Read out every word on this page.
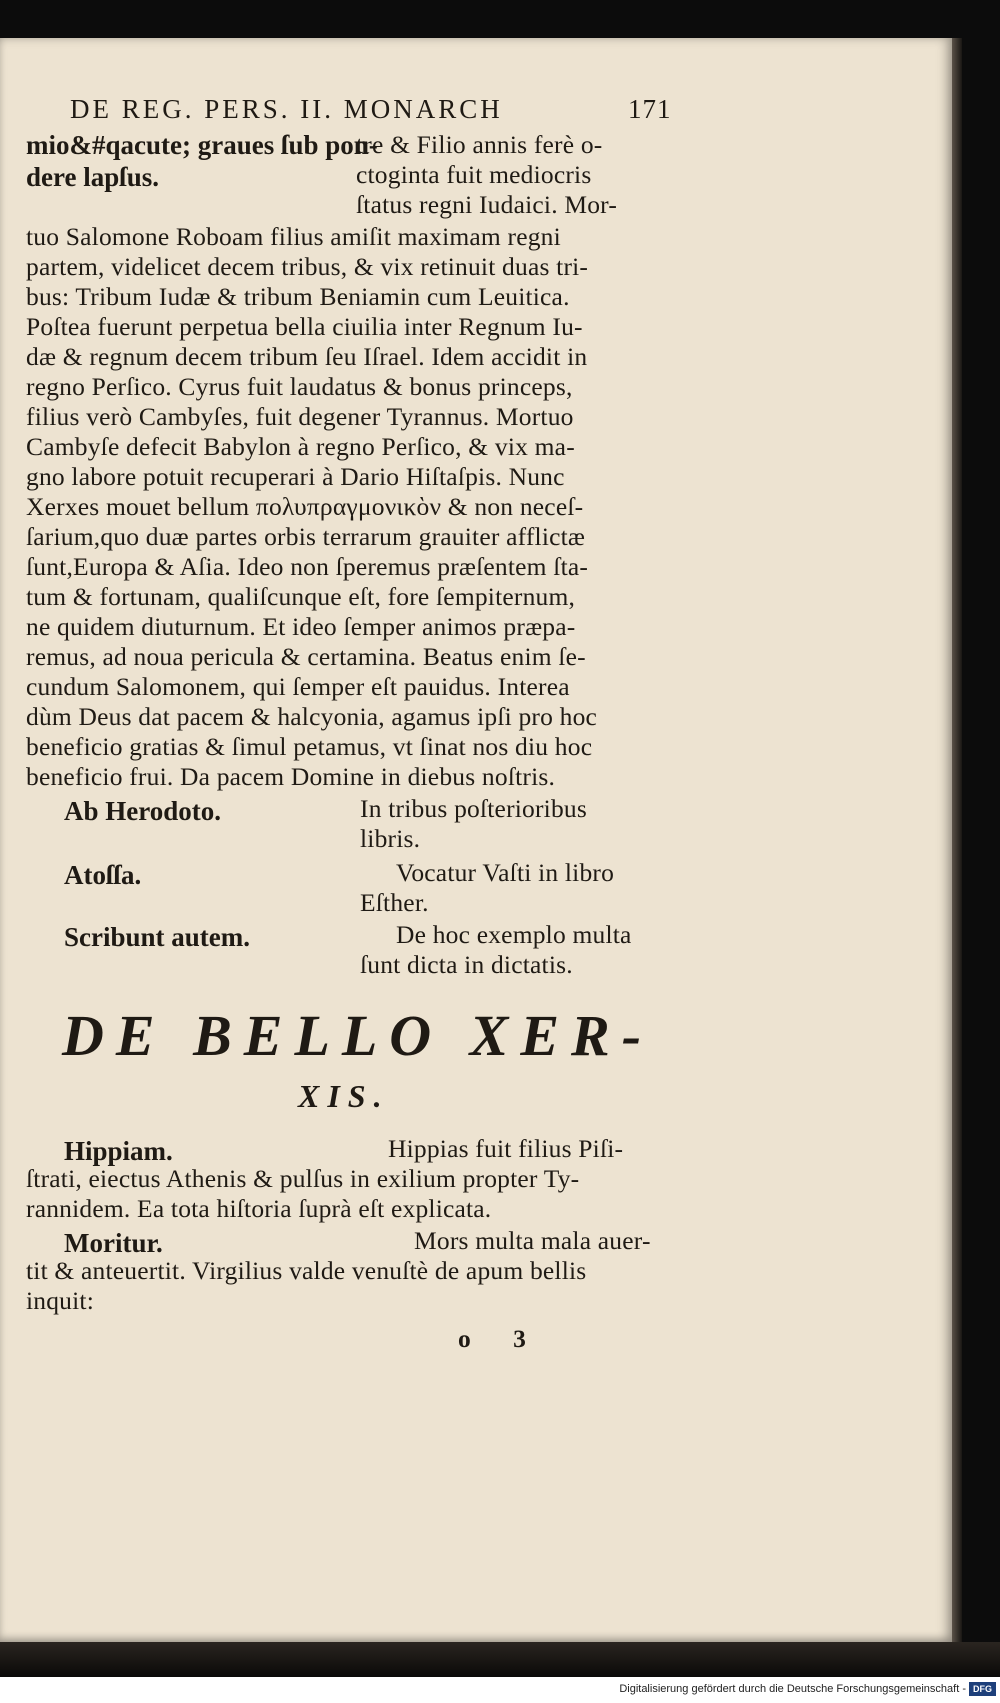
DE REG. PERS. II. MONARCH	171
mio&#qacute; graues ſub pon-
dere lapſus.
tre & Filio annis ferè o-
ctoginta fuit mediocris
ſtatus regni Iudaici. Mor-
tuo Salomone Roboam filius amiſit maximam regni
partem, videlicet decem tribus, & vix retinuit duas tri-
bus: Tribum Iudæ & tribum Beniamin cum Leuitica.
Poſtea fuerunt perpetua bella ciuilia inter Regnum Iu-
dæ & regnum decem tribum ſeu Iſrael. Idem accidit in
regno Perſico. Cyrus fuit laudatus & bonus princeps,
filius verò Cambyſes, fuit degener Tyrannus. Mortuo
Cambyſe defecit Babylon à regno Perſico, & vix ma-
gno labore potuit recuperari à Dario Hiſtaſpis. Nunc
Xerxes mouet bellum πολυπραγμονικὸν & non neceſ-
ſarium,quo duæ partes orbis terrarum grauiter afflictæ
ſunt,Europa & Aſia. Ideo non ſperemus præſentem ſta-
tum & fortunam, qualiſcunque eſt, fore ſempiternum,
ne quidem diuturnum. Et ideo ſemper animos præpa-
remus, ad noua pericula & certamina. Beatus enim ſe-
cundum Salomonem, qui ſemper eſt pauidus. Interea
dùm Deus dat pacem & halcyonia, agamus ipſi pro hoc
beneficio gratias & ſimul petamus, vt ſinat nos diu hoc
beneficio frui. Da pacem Domine in diebus noſtris.
Ab Herodoto.	In tribus poſterioribus
libris.
Atoſſa.	Vocatur Vaſti in libro
Eſther.
Scribunt autem.	De hoc exemplo multa
ſunt dicta in dictatis.
DE BELLO XER-
XIS.
Hippiam.	Hippias fuit filius Piſi-
ſtrati, eiectus Athenis & pulſus in exilium propter Ty-
rannidem. Ea tota hiſtoria ſuprà eſt explicata.
Moritur.	Mors multa mala auer-
tit & anteuertit. Virgilius valde venuſtè de apum bellis
inquit:
o 3
Digitalisierung gefördert durch die Deutsche Forschungsgemeinschaft - DFG
